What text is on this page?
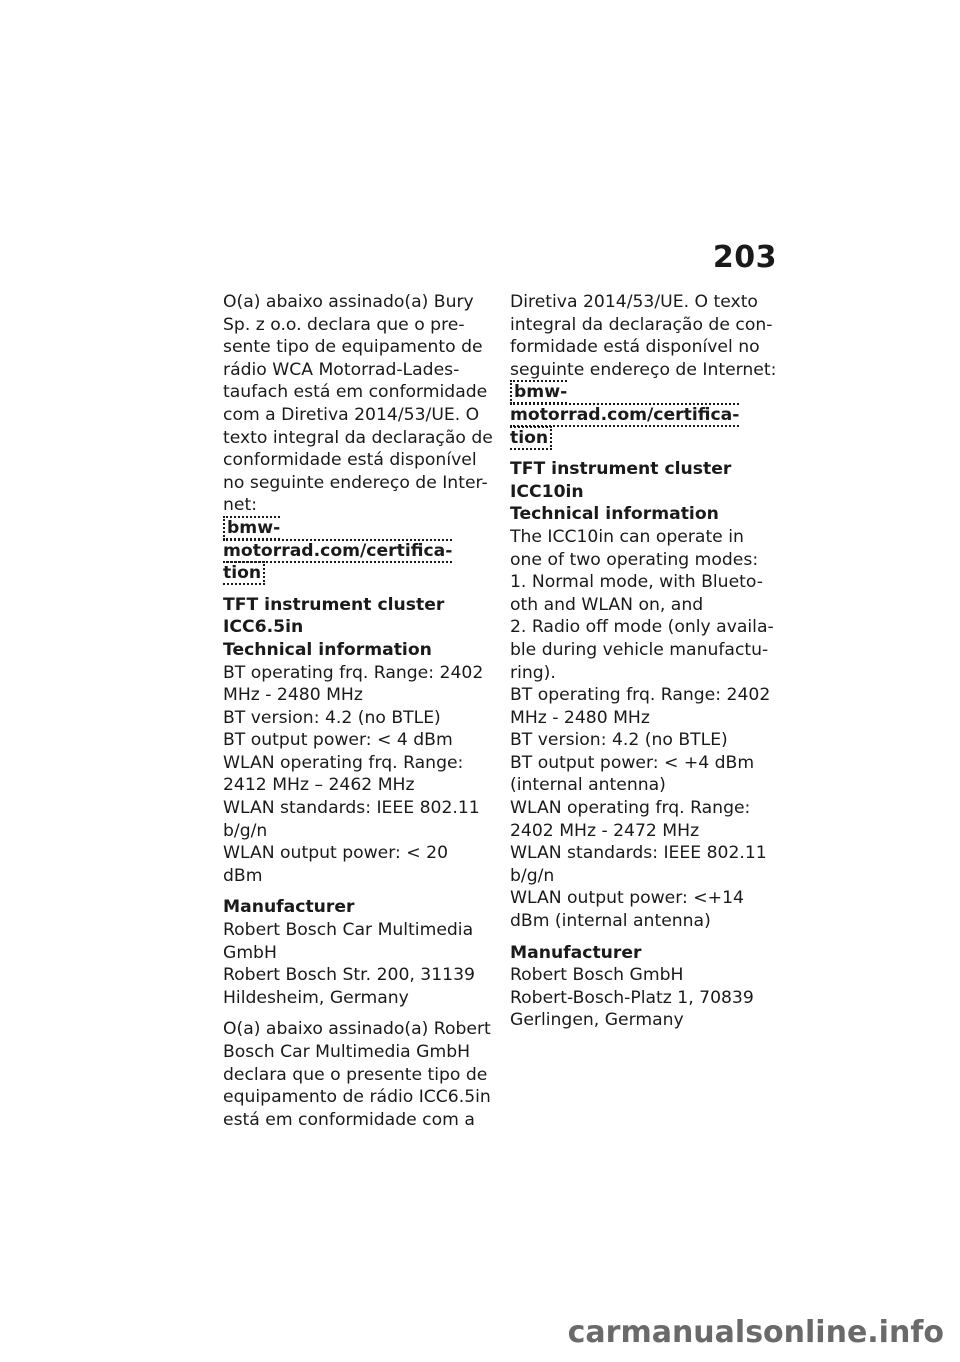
203

O(a) abaixo assinado(a) Bury
Sp. z o.o. declara que o pre-
sente tipo de equipamento de
rádio WCA Motorrad-Lades-
taufach está em conformidade
com a Diretiva 2014/53/UE. O
texto integral da declaração de
conformidade está disponível
no seguinte endereço de Inter-
net:
bmw-motorrad.com/certifica-
tion

TFT instrument cluster
ICC6.5in
Technical information

BT operating frq. Range: 2402
MHz - 2480 MHz
BT version: 4.2 (no BTLE)
BT output power: < 4 dBm
WLAN operating frq. Range:
2412 MHz – 2462 MHz
WLAN standards: IEEE 802.11
b/g/n
WLAN output power: < 20
dBm

Manufacturer

Robert Bosch Car Multimedia
GmbH
Robert Bosch Str. 200, 31139
Hildesheim, Germany

O(a) abaixo assinado(a) Robert
Bosch Car Multimedia GmbH
declara que o presente tipo de
equipamento de rádio ICC6.5in
está em conformidade com a

Diretiva 2014/53/UE. O texto
integral da declaração de con-
formidade está disponível no
seguinte endereço de Internet:
bmw-motorrad.com/certifica-
tion

TFT instrument cluster
ICC10in
Technical information

The ICC10in can operate in
one of two operating modes:
1. Normal mode, with Blueto-
oth and WLAN on, and
2. Radio off mode (only availa-
ble during vehicle manufactu-
ring).
BT operating frq. Range: 2402
MHz - 2480 MHz
BT version: 4.2 (no BTLE)
BT output power: < +4 dBm
(internal antenna)
WLAN operating frq. Range:
2402 MHz - 2472 MHz
WLAN standards: IEEE 802.11
b/g/n
WLAN output power: <+14
dBm (internal antenna)

Manufacturer

Robert Bosch GmbH
Robert-Bosch-Platz 1, 70839
Gerlingen, Germany

carmanualsonline.info
